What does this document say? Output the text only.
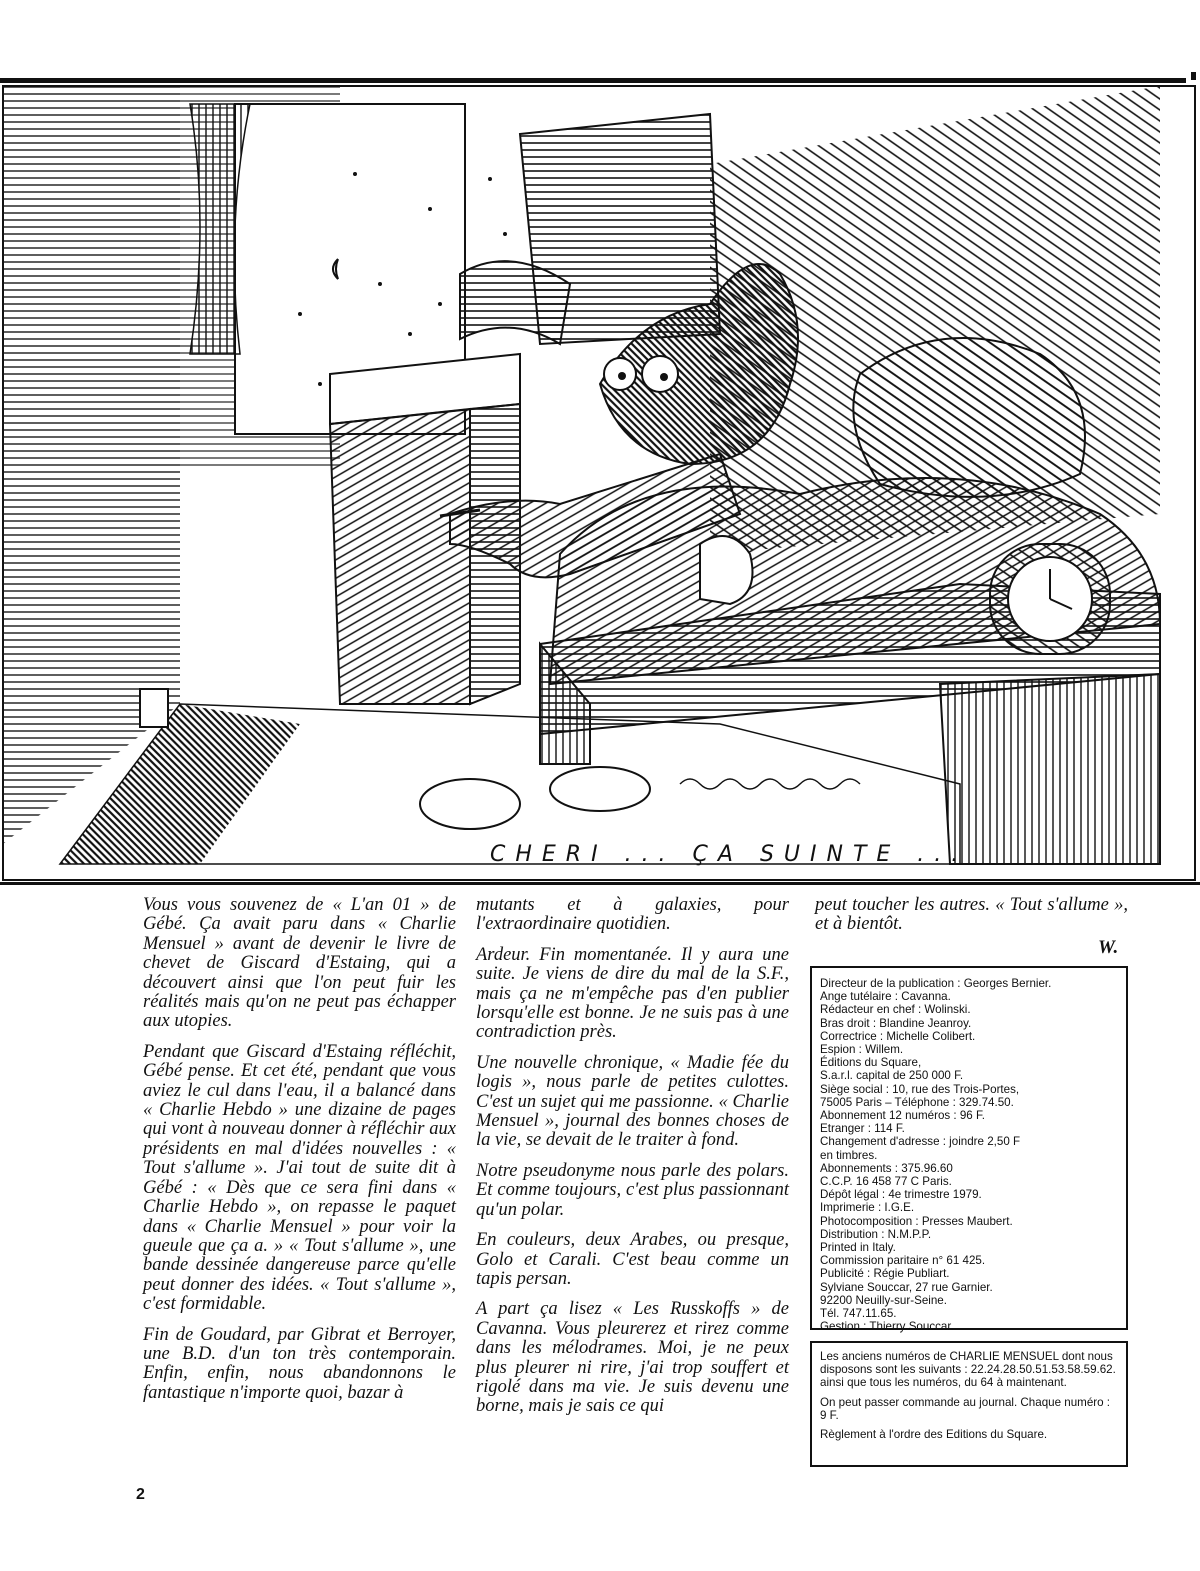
CHERI ... ÇA SUINTE ...

Vous vous souvenez de « L'an 01 » de Gébé. Ça avait paru dans « Charlie Mensuel » avant de devenir le livre de chevet de Giscard d'Estaing, qui a découvert ainsi que l'on peut fuir les réalités mais qu'on ne peut pas échapper aux utopies.

Pendant que Giscard d'Estaing réfléchit, Gébé pense. Et cet été, pendant que vous aviez le cul dans l'eau, il a balancé dans « Charlie Hebdo » une dizaine de pages qui vont à nouveau donner à réfléchir aux présidents en mal d'idées nouvelles : « Tout s'allume ». J'ai tout de suite dit à Gébé : « Dès que ce sera fini dans « Charlie Hebdo », on repasse le paquet dans « Charlie Mensuel » pour voir la gueule que ça a. » « Tout s'allume », une bande dessinée dangereuse parce qu'elle peut donner des idées. « Tout s'allume », c'est formidable.

Fin de Goudard, par Gibrat et Berroyer, une B.D. d'un ton très contemporain. Enfin, enfin, nous abandonnons le fantastique n'importe quoi, bazar à

mutants et à galaxies, pour l'extraordinaire quotidien.

Ardeur. Fin momentanée. Il y aura une suite. Je viens de dire du mal de la S.F., mais ça ne m'empêche pas d'en publier lorsqu'elle est bonne. Je ne suis pas à une contradiction près.

Une nouvelle chronique, « Madie fée du logis », nous parle de petites culottes. C'est un sujet qui me passionne. « Charlie Mensuel », journal des bonnes choses de la vie, se devait de le traiter à fond.

Notre pseudonyme nous parle des polars. Et comme toujours, c'est plus passionnant qu'un polar.

En couleurs, deux Arabes, ou presque, Golo et Carali. C'est beau comme un tapis persan.

A part ça lisez « Les Russkoffs » de Cavanna. Vous pleurerez et rirez comme dans les mélodrames. Moi, je ne peux plus pleurer ni rire, j'ai trop souffert et rigolé dans ma vie. Je suis devenu une borne, mais je sais ce qui

peut toucher les autres. « Tout s'allume », et à bientôt.

W.
Directeur de la publication : Georges Bernier.
Ange tutélaire : Cavanna.
Rédacteur en chef : Wolinski.
Bras droit : Blandine Jeanroy.
Correctrice : Michelle Colibert.
Espion : Willem.
Éditions du Square,
S.a.r.l. capital de 250 000 F.
Siège social : 10, rue des Trois-Portes,
75005 Paris – Téléphone : 329.74.50.
Abonnement 12 numéros : 96 F.
Etranger : 114 F.
Changement d'adresse : joindre 2,50 F
en timbres.
Abonnements : 375.96.60
C.C.P. 16 458 77 C Paris.
Dépôt légal : 4e trimestre 1979.
Imprimerie : I.G.E.
Photocomposition : Presses Maubert.
Distribution : N.M.P.P.
Printed in Italy.
Commission paritaire n° 61 425.
Publicité : Régie Publiart.
Sylviane Souccar, 27 rue Garnier.
92200 Neuilly-sur-Seine.
Tél. 747.11.65.
Gestion : Thierry Souccar.

Les anciens numéros de CHARLIE MENSUEL dont nous disposons sont les suivants : 22.24.28.50.51.53.58.59.62. ainsi que tous les numéros, du 64 à maintenant.

On peut passer commande au journal. Chaque numéro : 9 F.

Règlement à l'ordre des Editions du Square.

2
